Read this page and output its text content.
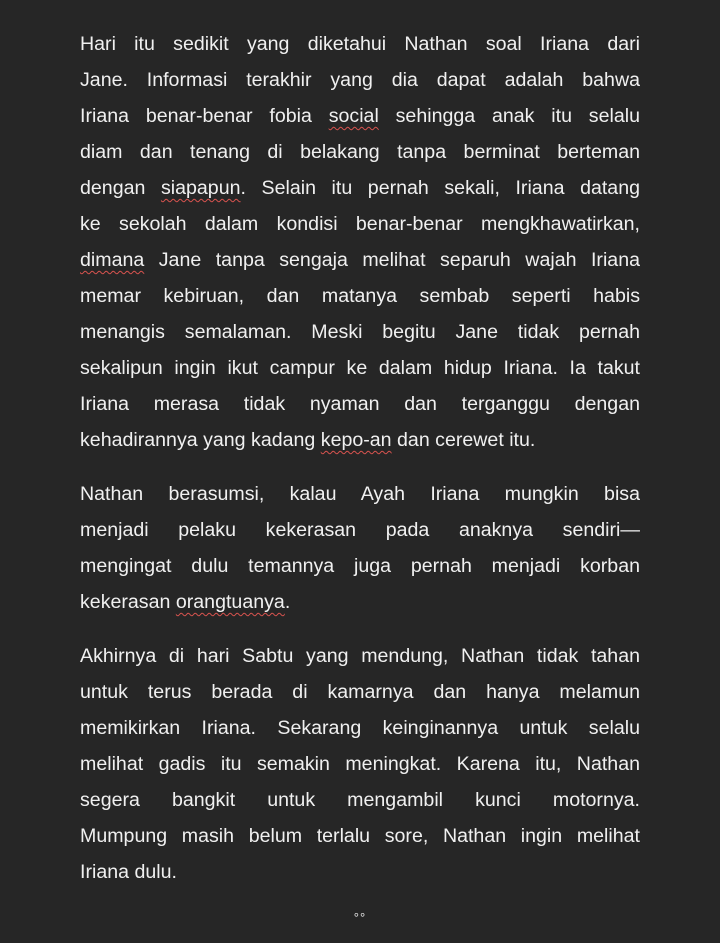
Hari itu sedikit yang diketahui Nathan soal Iriana dari
Jane. Informasi terakhir yang dia dapat adalah bahwa
Iriana benar-benar fobia social sehingga anak itu selalu
diam dan tenang di belakang tanpa berminat berteman
dengan siapapun. Selain itu pernah sekali, Iriana datang
ke sekolah dalam kondisi benar-benar mengkhawatirkan,
dimana Jane tanpa sengaja melihat separuh wajah Iriana
memar kebiruan, dan matanya sembab seperti habis
menangis semalaman. Meski begitu Jane tidak pernah
sekalipun ingin ikut campur ke dalam hidup Iriana. Ia takut
Iriana merasa tidak nyaman dan terganggu dengan
kehadirannya yang kadang kepo-an dan cerewet itu.

Nathan berasumsi, kalau Ayah Iriana mungkin bisa
menjadi pelaku kekerasan pada anaknya sendiri—
mengingat dulu temannya juga pernah menjadi korban
kekerasan orangtuanya.

Akhirnya di hari Sabtu yang mendung, Nathan tidak tahan
untuk terus berada di kamarnya dan hanya melamun
memikirkan Iriana. Sekarang keinginannya untuk selalu
melihat gadis itu semakin meningkat. Karena itu, Nathan
segera bangkit untuk mengambil kunci motornya.
Mumpung masih belum terlalu sore, Nathan ingin melihat
Iriana dulu.

°°
